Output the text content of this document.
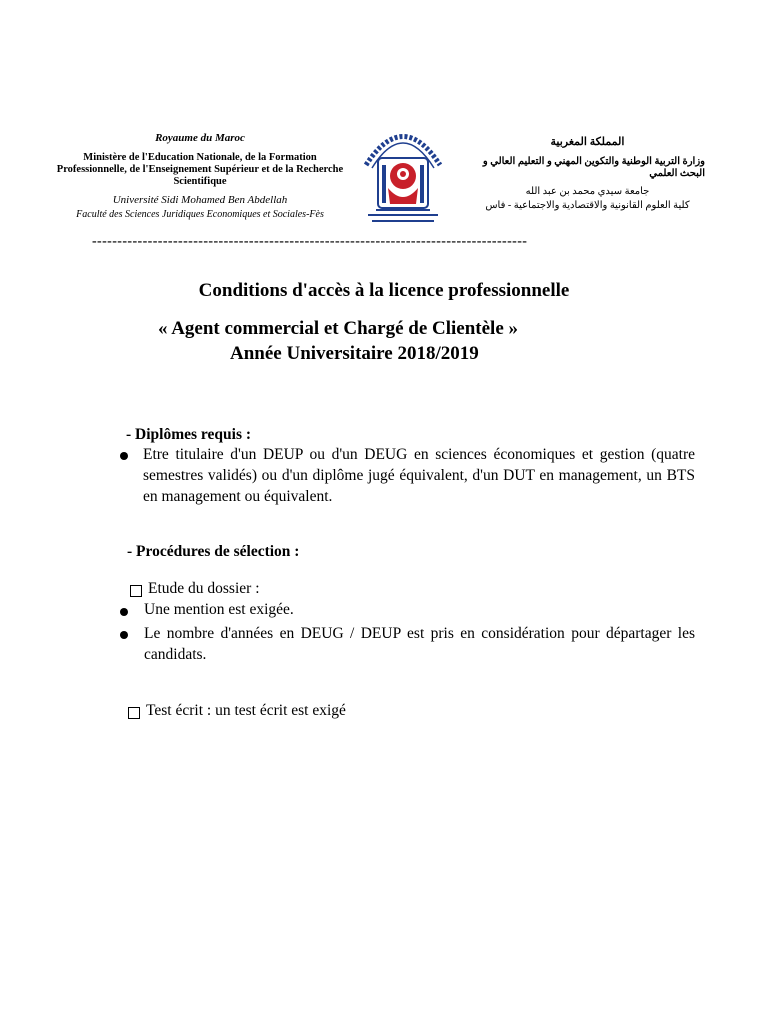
Royaume du Maroc
Ministère de l'Education Nationale, de la Formation Professionnelle, de l'Enseignement Supérieur et de la Recherche Scientifique
Université Sidi Mohamed Ben Abdellah
Faculté des Sciences Juridiques Economiques et Sociales-Fès
المملكة المغربية
وزارة التربية الوطنية والتكوين المهني و التعليم العالي و البحث العلمي
جامعة سيدي محمد بن عبد الله
كلية العلوم القانونية والاقتصادية والاجتماعية - فاس
--------------------------------------------------------------------------------------
Conditions d'accès à la licence professionnelle
« Agent commercial et Chargé de Clientèle »
Année Universitaire 2018/2019
- Diplômes requis :
Etre titulaire d'un DEUP ou d'un DEUG en sciences économiques et gestion (quatre semestres validés) ou d'un diplôme jugé équivalent, d'un DUT en management, un BTS en management ou équivalent.
- Procédures de sélection :
Etude du dossier :
Une mention est exigée.
Le nombre d'années en DEUG / DEUP est pris en considération pour départager les candidats.
Test écrit : un test écrit est exigé
